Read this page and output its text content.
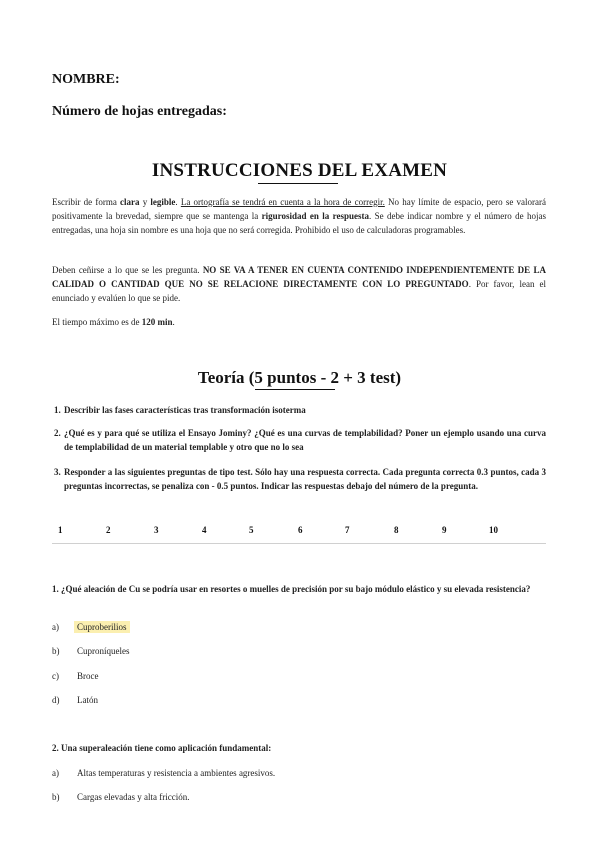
NOMBRE:
Número de hojas entregadas:
INSTRUCCIONES DEL EXAMEN
Escribir de forma clara y legible. La ortografía se tendrá en cuenta a la hora de corregir. No hay límite de espacio, pero se valorará positivamente la brevedad, siempre que se mantenga la rigurosidad en la respuesta. Se debe indicar nombre y el número de hojas entregadas, una hoja sin nombre es una hoja que no será corregida. Prohibido el uso de calculadoras programables.
Deben ceñirse a lo que se les pregunta. NO SE VA A TENER EN CUENTA CONTENIDO INDEPENDIENTEMENTE DE LA CALIDAD O CANTIDAD QUE NO SE RELACIONE DIRECTAMENTE CON LO PREGUNTADO. Por favor, lean el enunciado y evalúen lo que se pide.
El tiempo máximo es de 120 min.
Teoría (5 puntos - 2 + 3 test)
1. Describir las fases características tras transformación isoterma
2. ¿Qué es y para qué se utiliza el Ensayo Jominy? ¿Qué es una curvas de templabilidad? Poner un ejemplo usando una curva de templabilidad de un material templable y otro que no lo sea
3. Responder a las siguientes preguntas de tipo test. Sólo hay una respuesta correcta. Cada pregunta correcta 0.3 puntos, cada 3 preguntas incorrectas, se penaliza con - 0.5 puntos. Indicar las respuestas debajo del número de la pregunta.
1	2	3	4	5	6	7	8	9	10
1. ¿Qué aleación de Cu se podría usar en resortes o muelles de precisión por su bajo módulo elástico y su elevada resistencia?
a) Cuproberilios
b) Cuproníqueles
c) Broce
d) Latón
2. Una superaleación tiene como aplicación fundamental:
a) Altas temperaturas y resistencia a ambientes agresivos.
b) Cargas elevadas y alta fricción.
